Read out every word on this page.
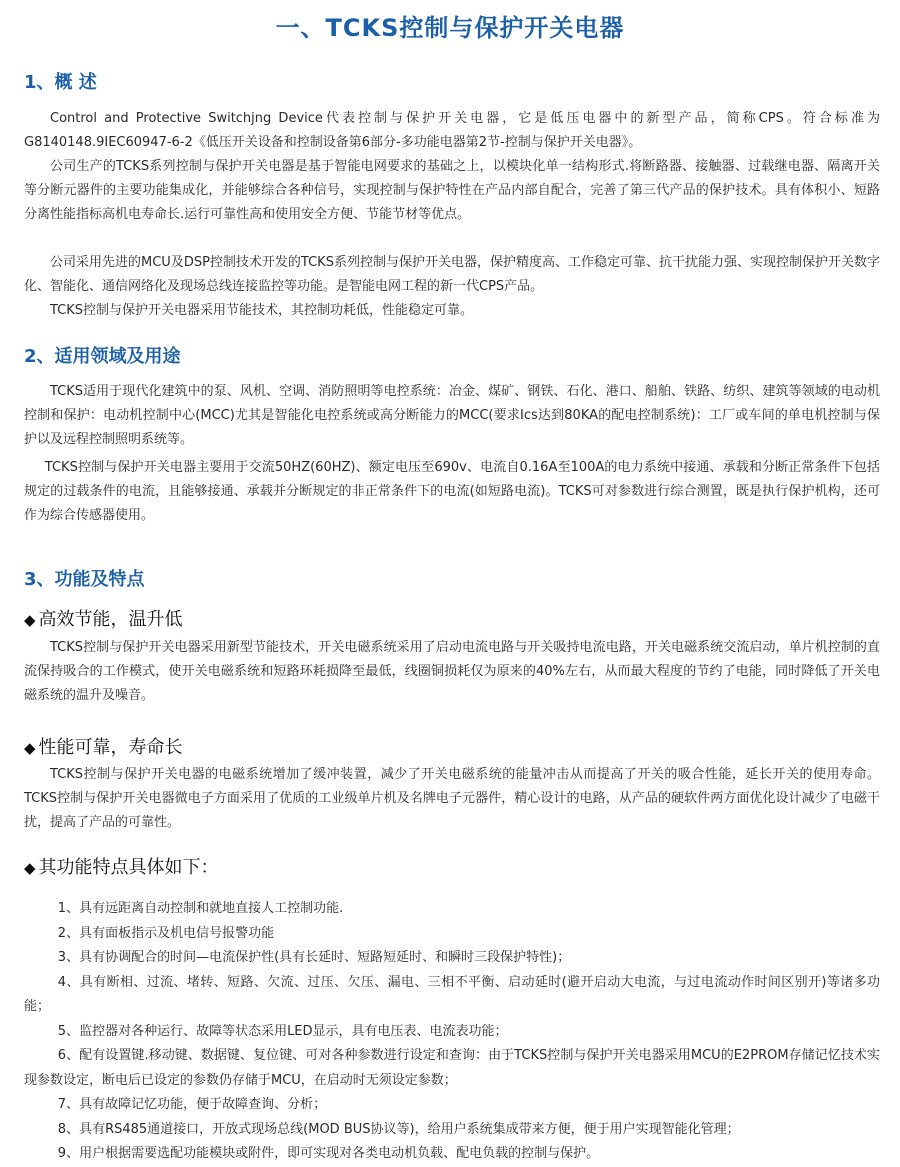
一、TCKS控制与保护开关电器
1、概 述
Control and Protective Switchjng Device代表控制与保护开关电器，它是低压电器中的新型产品，简称CPS。符合标准为G8140148.9IEC60947-6-2《低压开关设备和控制设备第6部分-多功能电器第2节-控制与保护开关电器》。
公司生产的TCKS系列控制与保护开关电器是基于智能电网要求的基础之上，以模块化单一结构形式.将断路器、接触器、过载继电器、隔离开关等分断元器件的主要功能集成化，并能够综合各种信号，实现控制与保护特性在产品内部自配合，完善了第三代产品的保护技术。具有体积小、短路分离性能指标高机电寿命长.运行可靠性高和使用安全方便、节能节材等优点。
公司采用先进的MCU及DSP控制技术开发的TCKS系列控制与保护开关电器，保护精度高、工作稳定可靠、抗干扰能力强、实现控制保护开关数字化、智能化、通信网络化及现场总线连接监控等功能。是智能电网工程的新一代CPS产品。
TCKS控制与保护开关电器采用节能技术，其控制功耗低，性能稳定可靠。
2、适用领域及用途
TCKS适用于现代化建筑中的泵、风机、空调、消防照明等电控系统：冶金、煤矿、钢铁、石化、港口、船舶、铁路、纺织、建筑等领域的电动机控制和保护：电动机控制中心(MCC)尤其是智能化电控系统或高分断能力的MCC(要求Ics达到80KA的配电控制系统)：工厂或车间的单电机控制与保护以及远程控制照明系统等。
TCKS控制与保护开关电器主要用于交流50HZ(60HZ)、额定电压至690v、电流自0.16A至100A的电力系统中接通、承载和分断正常条件下包括规定的过载条件的电流，且能够接通、承载并分断规定的非正常条件下的电流(如短路电流)。TCKS可对参数进行综合测置，既是执行保护机构，还可作为综合传感器使用。
3、功能及特点
◆ 高效节能，温升低
TCKS控制与保护开关电器采用新型节能技术，开关电磁系统采用了启动电流电路与开关吸持电流电路，开关电磁系统交流启动，单片机控制的直流保持吸合的工作模式，使开关电磁系统和短路环耗损降至最低，线圈铜损耗仅为原来的40%左右，从而最大程度的节约了电能，同时降低了开关电磁系统的温升及噪音。
◆ 性能可靠，寿命长
TCKS控制与保护开关电器的电磁系统增加了缓冲装置，减少了开关电磁系统的能量冲击从而提高了开关的吸合性能，延长开关的使用寿命。TCKS控制与保护开关电器微电子方面采用了优质的工业级单片机及名牌电子元器件，精心设计的电路，从产品的硬软件两方面优化设计减少了电磁干扰，提高了产品的可靠性。
◆ 其功能特点具体如下：
1、具有远距离自动控制和就地直接人工控制功能.
2、具有面板指示及机电信号报警功能
3、具有协调配合的时间—电流保护性(具有长延时、短路短延时、和瞬时三段保护特性)；
4、具有断相、过流、堵转、短路、欠流、过压、欠压、漏电、三相不平衡、启动延时(避开启动大电流，与过电流动作时间区别开)等诸多功能；
5、监控器对各种运行、故障等状态采用LED显示，具有电压表、电流表功能；
6、配有设置键.移动键、数据键、复位键、可对各种参数进行设定和查询：由于TCKS控制与保护开关电器采用MCU的E2PROM存储记忆技术实现参数设定，断电后已设定的参数仍存储于MCU，在启动时无须设定参数；
7、具有故障记忆功能，便于故障查询、分析；
8、具有RS485通道接口，开放式现场总线(MOD BUS协议等)，给用户系统集成带来方便，便于用户实现智能化管理；
9、用户根据需要选配功能模块或附件，即可实现对各类电动机负载、配电负载的控制与保护。
